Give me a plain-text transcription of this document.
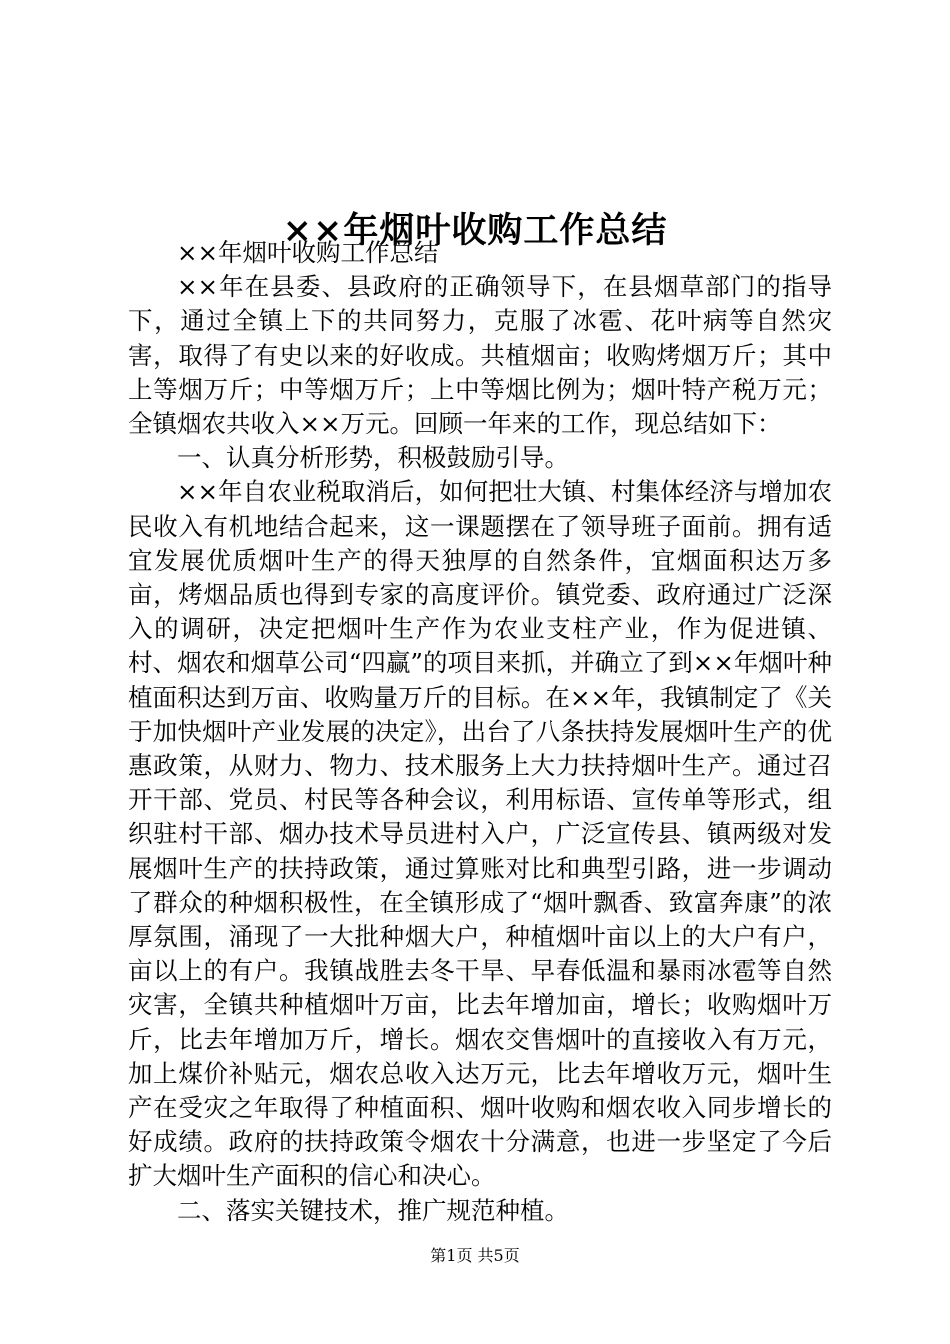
××年烟叶收购工作总结

××年烟叶收购工作总结

××年在县委、县政府的正确领导下，在县烟草部门的指导下，通过全镇上下的共同努力，克服了冰雹、花叶病等自然灾害，取得了有史以来的好收成。共植烟亩；收购烤烟万斤；其中上等烟万斤；中等烟万斤；上中等烟比例为；烟叶特产税万元；全镇烟农共收入××万元。回顾一年来的工作，现总结如下：

一、认真分析形势，积极鼓励引导。

××年自农业税取消后，如何把壮大镇、村集体经济与增加农民收入有机地结合起来，这一课题摆在了领导班子面前。拥有适宜发展优质烟叶生产的得天独厚的自然条件，宜烟面积达万多亩，烤烟品质也得到专家的高度评价。镇党委、政府通过广泛深入的调研，决定把烟叶生产作为农业支柱产业，作为促进镇、村、烟农和烟草公司“四赢”的项目来抓，并确立了到××年烟叶种植面积达到万亩、收购量万斤的目标。在××年，我镇制定了《关于加快烟叶产业发展的决定》，出台了八条扶持发展烟叶生产的优惠政策，从财力、物力、技术服务上大力扶持烟叶生产。通过召开干部、党员、村民等各种会议，利用标语、宣传单等形式，组织驻村干部、烟办技术导员进村入户，广泛宣传县、镇两级对发展烟叶生产的扶持政策，通过算账对比和典型引路，进一步调动了群众的种烟积极性，在全镇形成了“烟叶飘香、致富奔康”的浓厚氛围，涌现了一大批种烟大户，种植烟叶亩以上的大户有户，亩以上的有户。我镇战胜去冬干旱、早春低温和暴雨冰雹等自然灾害，全镇共种植烟叶万亩，比去年增加亩，增长；收购烟叶万斤，比去年增加万斤，增长。烟农交售烟叶的直接收入有万元，加上煤价补贴元，烟农总收入达万元，比去年增收万元，烟叶生产在受灾之年取得了种植面积、烟叶收购和烟农收入同步增长的好成绩。政府的扶持政策令烟农十分满意，也进一步坚定了今后扩大烟叶生产面积的信心和决心。

二、落实关键技术，推广规范种植。

第1页 共5页
